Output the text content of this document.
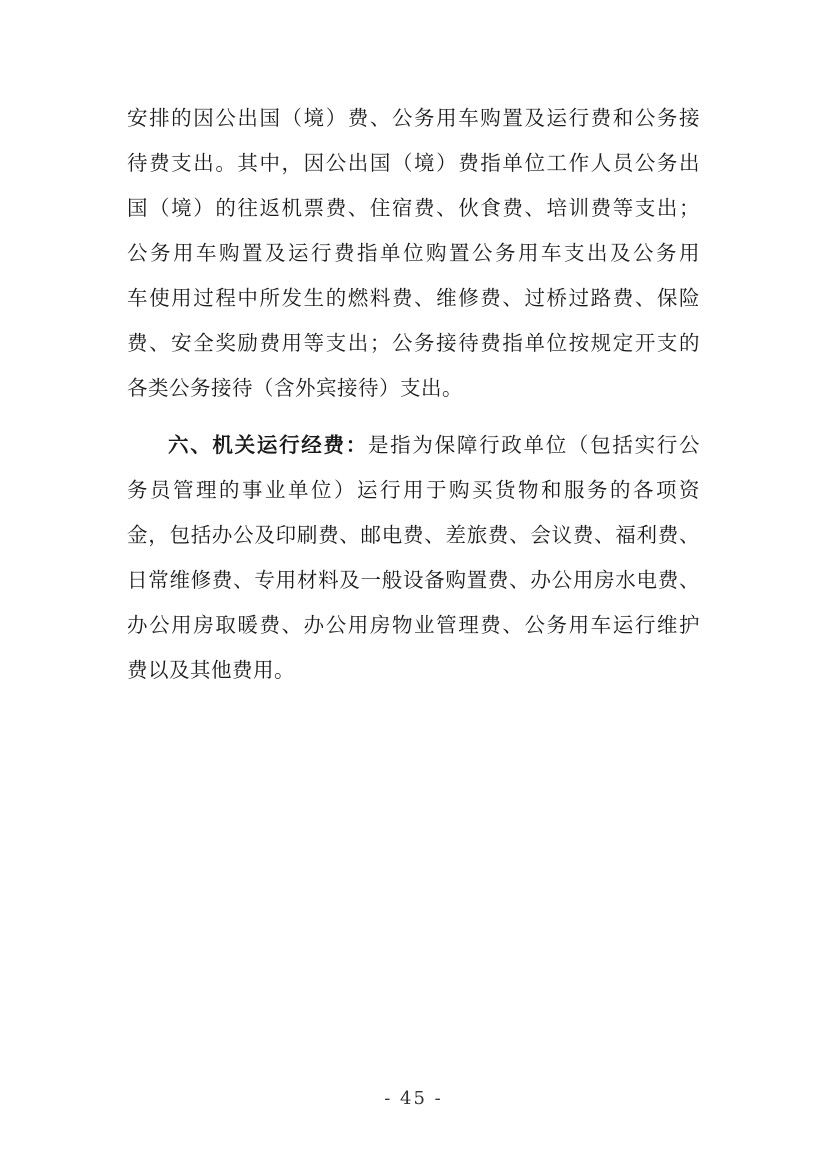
安排的因公出国（境）费、公务用车购置及运行费和公务接
待费支出。其中，因公出国（境）费指单位工作人员公务出
国（境）的往返机票费、住宿费、伙食费、培训费等支出；
公务用车购置及运行费指单位购置公务用车支出及公务用
车使用过程中所发生的燃料费、维修费、过桥过路费、保险
费、安全奖励费用等支出；公务接待费指单位按规定开支的
各类公务接待（含外宾接待）支出。
六、机关运行经费：是指为保障行政单位（包括实行公
务员管理的事业单位）运行用于购买货物和服务的各项资
金，包括办公及印刷费、邮电费、差旅费、会议费、福利费、
日常维修费、专用材料及一般设备购置费、办公用房水电费、
办公用房取暖费、办公用房物业管理费、公务用车运行维护
费以及其他费用。
- 45 -
